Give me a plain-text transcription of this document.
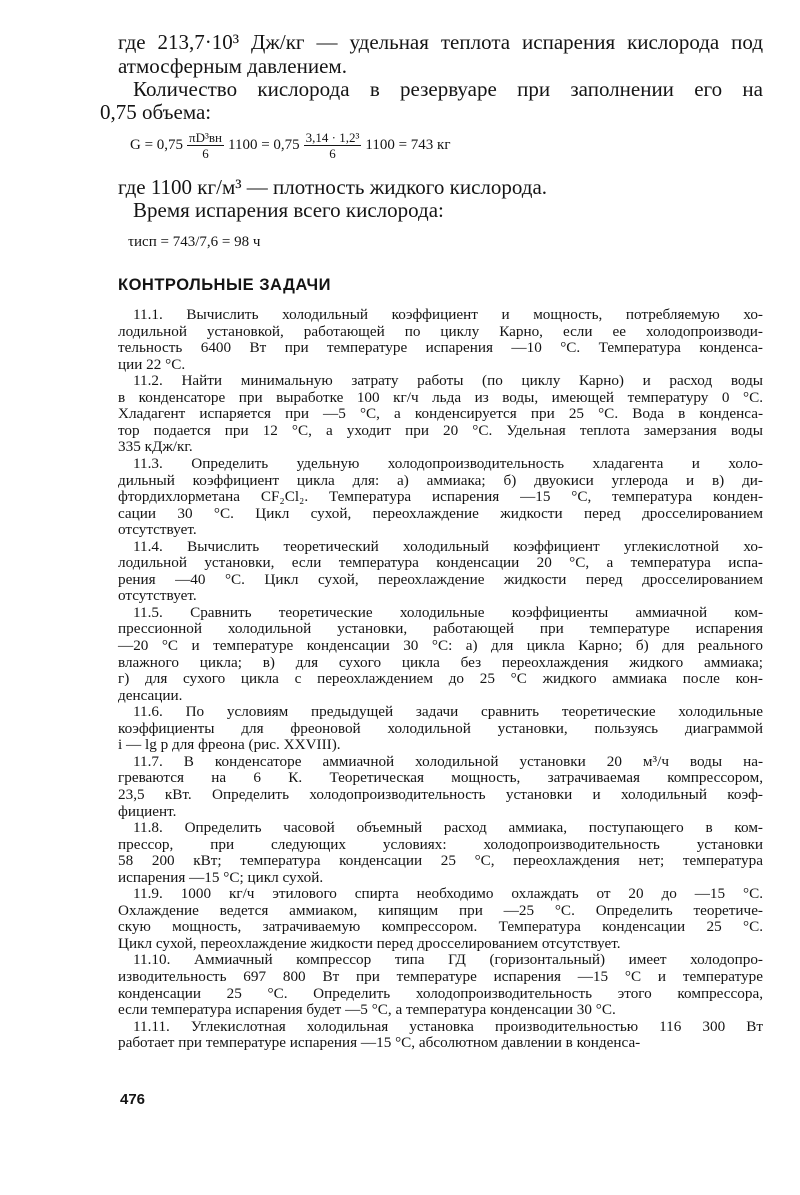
где 213,7·10³ Дж/кг — удельная теплота испарения кислорода под
атмосферным давлением.
Количество кислорода в резервуаре при заполнении его на
0,75 объема:
$G = 0,75 \frac{\text{πD³вн}}{6} 1100 = 0,75 \frac{\text{3,14 · 1,2³}}{6} 1100 = 743$ кг
где 1100 кг/м³ — плотность жидкого кислорода.
Время испарения всего кислорода:
τисп = 743/7,6 = 98 ч
КОНТРОЛЬНЫЕ ЗАДАЧИ
11.1. Вычислить холодильный коэффициент и мощность, потребляемую хо-
лодильной установкой, работающей по циклу Карно, если ее холодопроизводи-
тельность 6400 Вт при температуре испарения —10 °С. Температура конденса-
ции 22 °С.
11.2. Найти минимальную затрату работы (по циклу Карно) и расход воды
в конденсаторе при выработке 100 кг/ч льда из воды, имеющей температуру 0 °С.
Хладагент испаряется при —5 °С, а конденсируется при 25 °С. Вода в конденса-
тор подается при 12 °С, а уходит при 20 °С. Удельная теплота замерзания воды
335 кДж/кг.
11.3. Определить удельную холодопроизводительность хладагента и холо-
дильный коэффициент цикла для: а) аммиака; б) двуокиси углерода и в) ди-
фтордихлорметана CF₂Cl₂. Температура испарения —15 °С, температура конден-
сации 30 °С. Цикл сухой, переохлаждение жидкости перед дросселированием
отсутствует.
11.4. Вычислить теоретический холодильный коэффициент углекислотной хо-
лодильной установки, если температура конденсации 20 °С, а температура испа-
рения —40 °С. Цикл сухой, переохлаждение жидкости перед дросселированием
отсутствует.
11.5. Сравнить теоретические холодильные коэффициенты аммиачной ком-
прессионной холодильной установки, работающей при температуре испарения
—20 °С и температуре конденсации 30 °С: а) для цикла Карно; б) для реального
влажного цикла; в) для сухого цикла без переохлаждения жидкого аммиака;
г) для сухого цикла с переохлаждением до 25 °С жидкого аммиака после кон-
денсации.
11.6. По условиям предыдущей задачи сравнить теоретические холодильные
коэффициенты для фреоновой холодильной установки, пользуясь диаграммой
i — lg p для фреона (рис. XXVIII).
11.7. В конденсаторе аммиачной холодильной установки 20 м³/ч воды на-
греваются на 6 К. Теоретическая мощность, затрачиваемая компрессором,
23,5 кВт. Определить холодопроизводительность установки и холодильный коэф-
фициент.
11.8. Определить часовой объемный расход аммиака, поступающего в ком-
прессор, при следующих условиях: холодопроизводительность установки
58 200 кВт; температура конденсации 25 °С, переохлаждения нет; температура
испарения —15 °С; цикл сухой.
11.9. 1000 кг/ч этилового спирта необходимо охлаждать от 20 до —15 °С.
Охлаждение ведется аммиаком, кипящим при —25 °С. Определить теоретиче-
скую мощность, затрачиваемую компрессором. Температура конденсации 25 °С.
Цикл сухой, переохлаждение жидкости перед дросселированием отсутствует.
11.10. Аммиачный компрессор типа ГД (горизонтальный) имеет холодопро-
изводительность 697 800 Вт при температуре испарения —15 °С и температуре
конденсации 25 °С. Определить холодопроизводительность этого компрессора,
если температура испарения будет —5 °С, а температура конденсации 30 °С.
11.11. Углекислотная холодильная установка производительностью 116 300 Вт
работает при температуре испарения —15 °С, абсолютном давлении в конденса-
476
